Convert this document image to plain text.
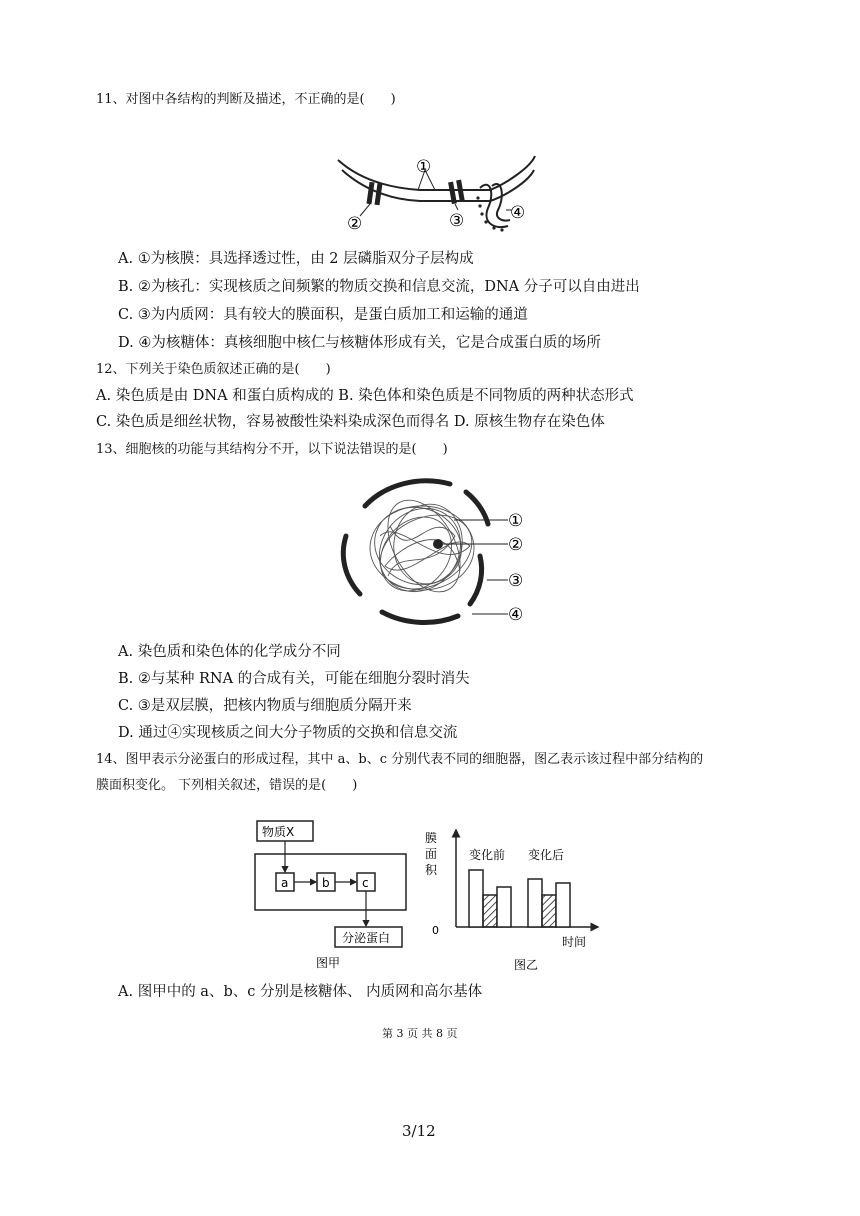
11、对图中各结构的判断及描述，不正确的是(　　)
①
②	③	④
A. ①为核膜：具选择透过性，由 2 层磷脂双分子层构成
B. ②为核孔：实现核质之间频繁的物质交换和信息交流，DNA 分子可以自由进出
C. ③为内质网：具有较大的膜面积，是蛋白质加工和运输的通道
D. ④为核糖体：真核细胞中核仁与核糖体形成有关，它是合成蛋白质的场所
12、下列关于染色质叙述正确的是(　　)
A. 染色质是由 DNA 和蛋白质构成的 B. 染色体和染色质是不同物质的两种状态形式
C. 染色质是细丝状物，容易被酸性染料染成深色而得名 D. 原核生物存在染色体
13、细胞核的功能与其结构分不开，以下说法错误的是(　　)
①
②
③
④
A. 染色质和染色体的化学成分不同
B. ②与某种 RNA 的合成有关，可能在细胞分裂时消失
C. ③是双层膜，把核内物质与细胞质分隔开来
D. 通过④实现核质之间大分子物质的交换和信息交流
14、图甲表示分泌蛋白的形成过程，其中 a、b、c 分别代表不同的细胞器，图乙表示该过程中部分结构的
膜面积变化。 下列相关叙述，错误的是(　　)
物质X
a	b	c
分泌蛋白
图甲
膜
面
积
0
变化前 变化后
时间
图乙
A. 图甲中的 a、b、c 分别是核糖体、 内质网和高尔基体
第 3 页 共 8 页
3/12
